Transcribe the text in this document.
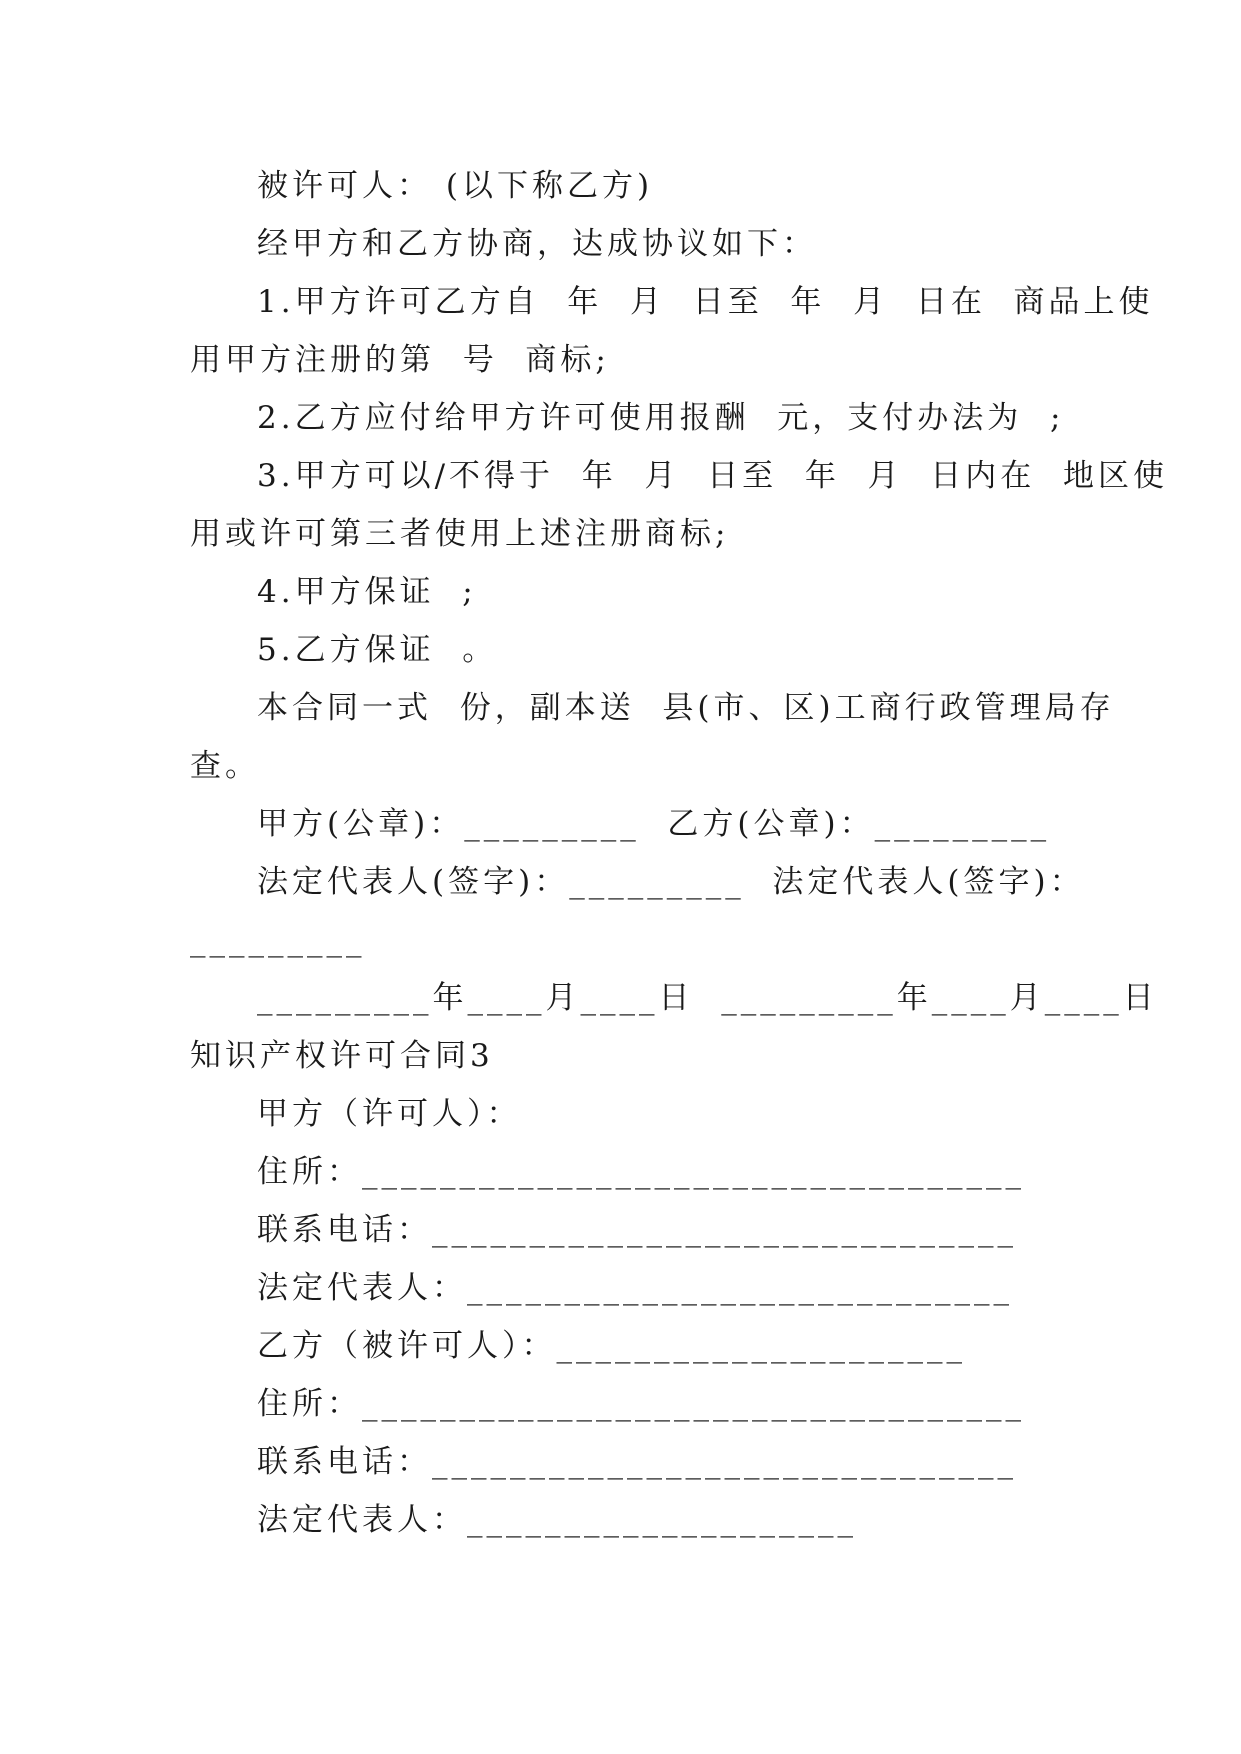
被许可人： (以下称乙方)

经甲方和乙方协商，达成协议如下：

1.甲方许可乙方自  年  月  日至  年  月  日在  商品上使

用甲方注册的第  号  商标;

2.乙方应付给甲方许可使用报酬  元，支付办法为  ;

3.甲方可以/不得于  年  月  日至  年  月  日内在  地区使

用或许可第三者使用上述注册商标;

4.甲方保证  ;

5.乙方保证  。

本合同一式  份，副本送  县(市、区)工商行政管理局存

查。

甲方(公章)：_________  乙方(公章)：_________

法定代表人(签字)：_________  法定代表人(签字)：

_________

_________年____月____日  _________年____月____日

知识产权许可合同3

甲方（许可人）：

住所：__________________________________

联系电话：______________________________

法定代表人：____________________________

乙方（被许可人）：_____________________

住所：__________________________________

联系电话：______________________________

法定代表人：____________________
